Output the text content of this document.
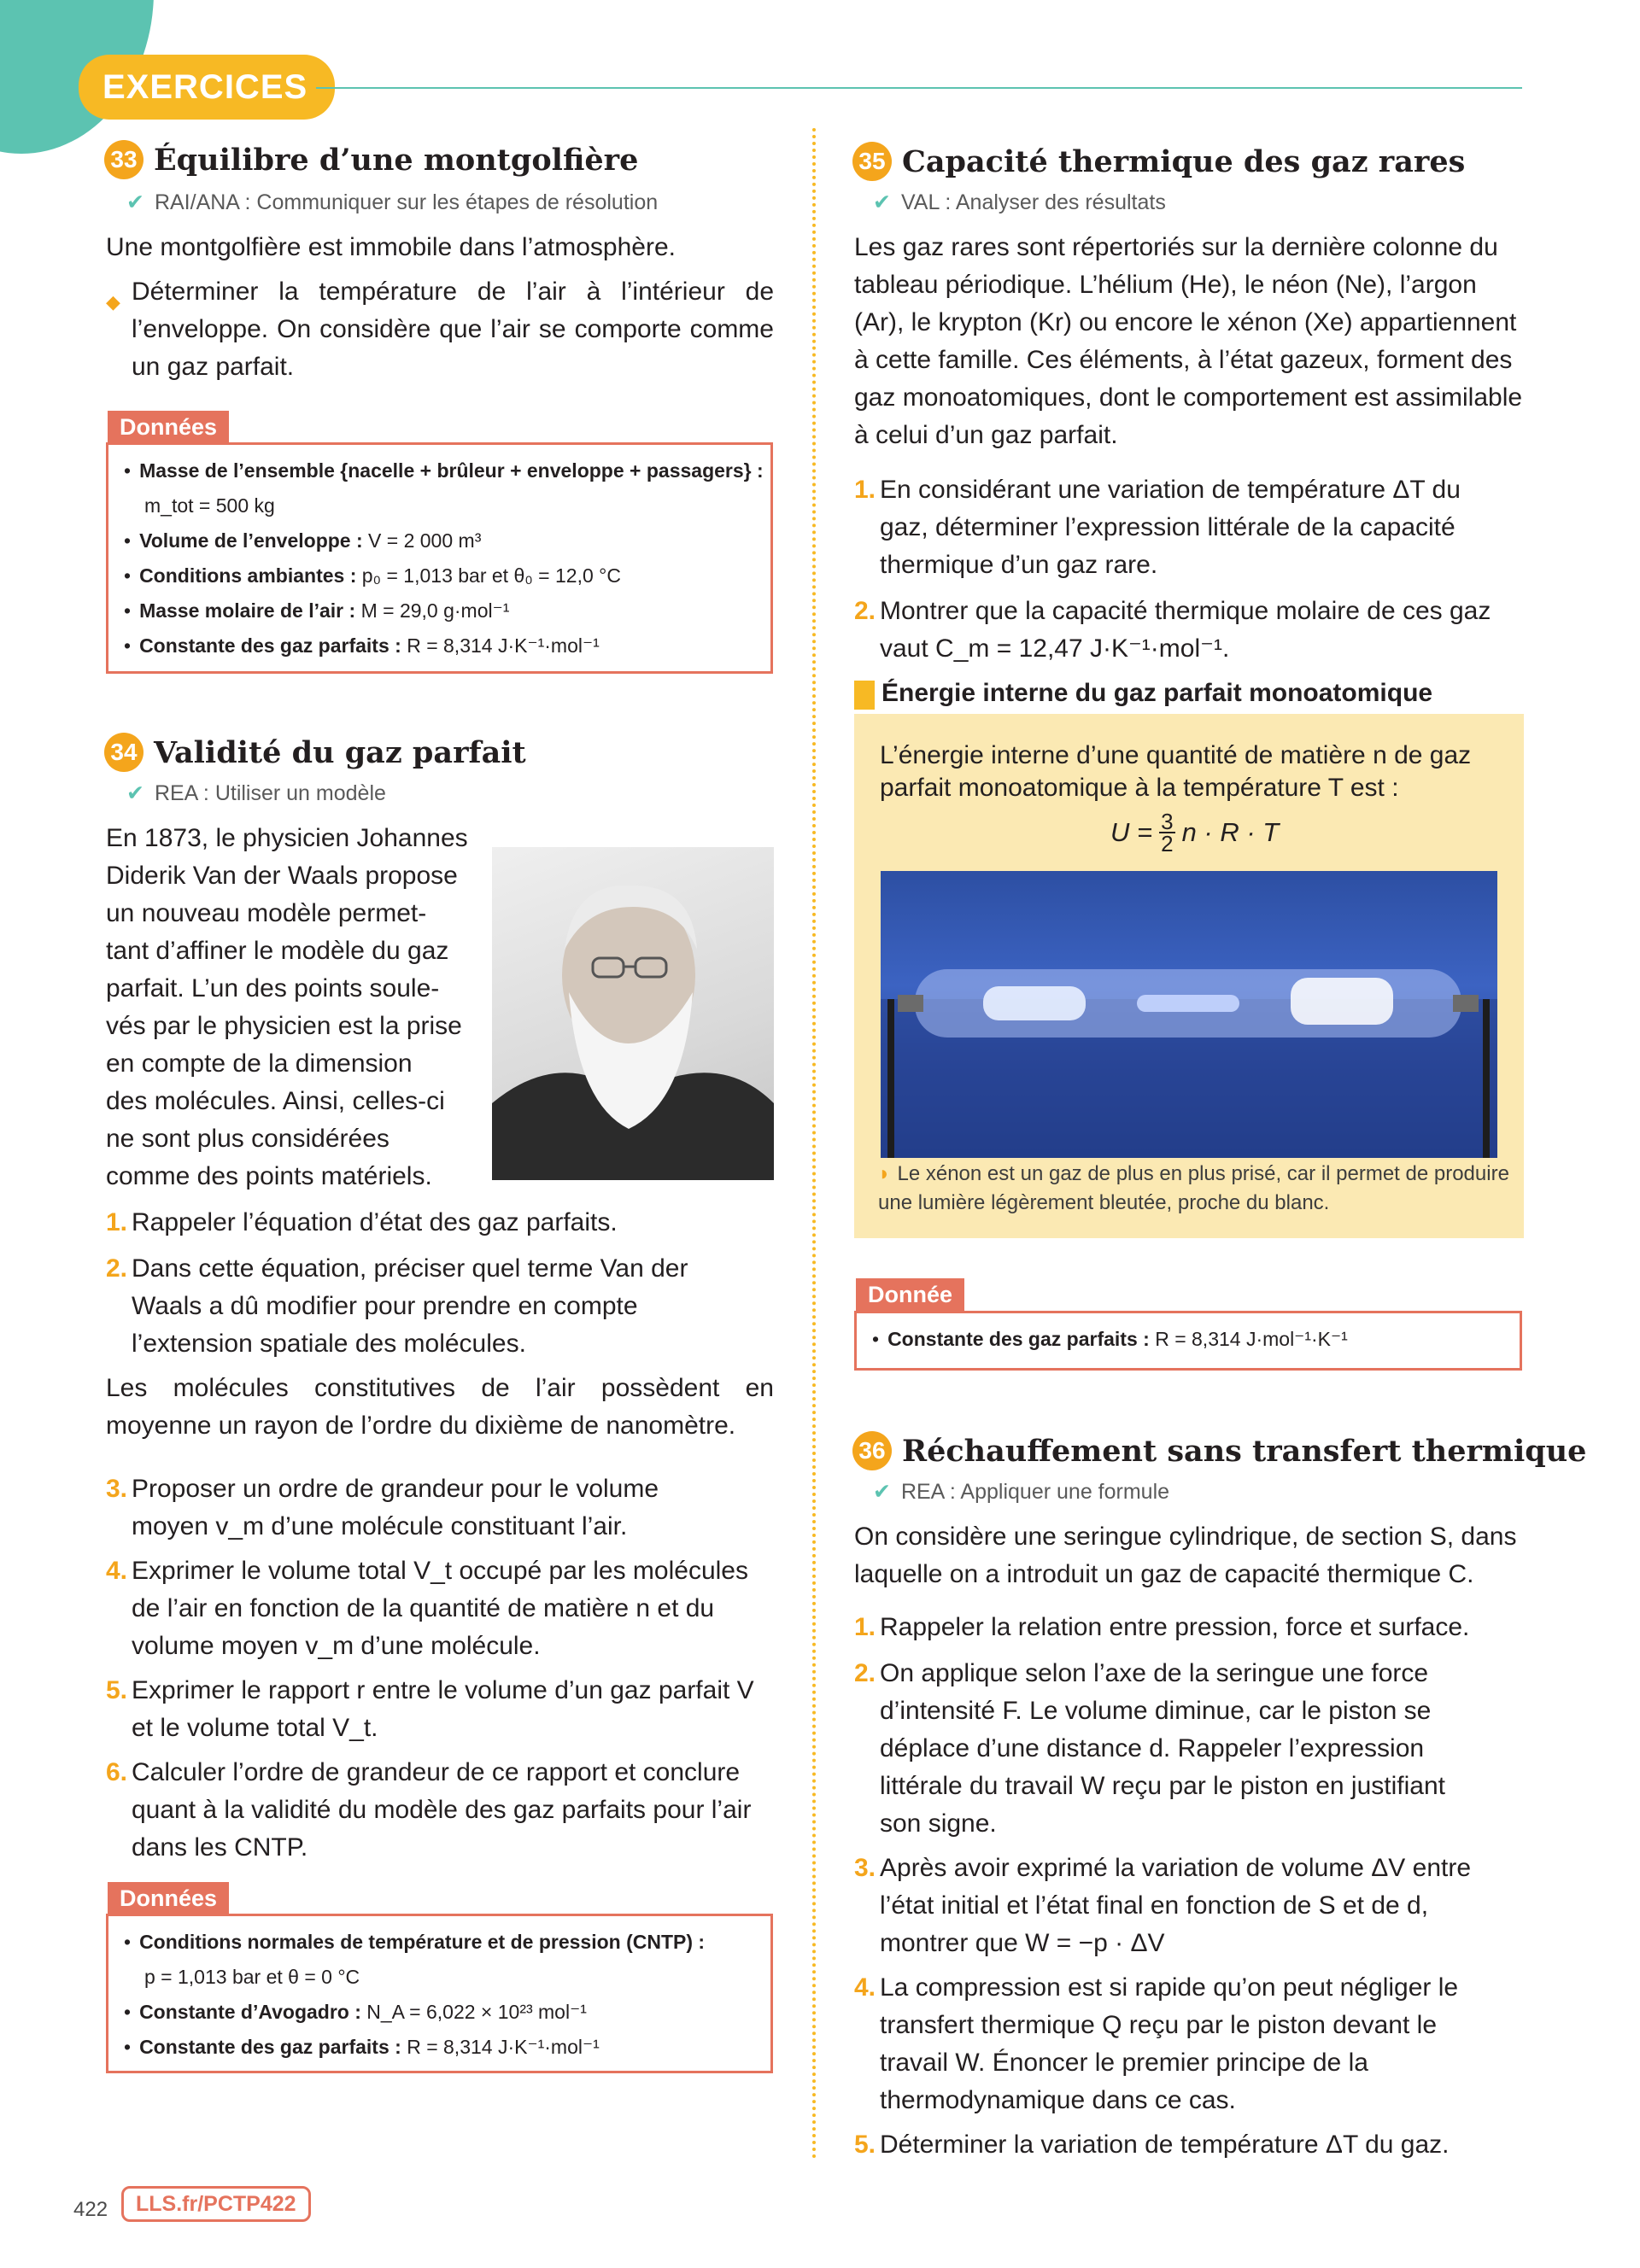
EXERCICES
33 Équilibre d’une montgolfière
✔ RAI/ANA : Communiquer sur les étapes de résolution
Une montgolfière est immobile dans l’atmosphère.
◆ Déterminer la température de l’air à l’intérieur de l’enveloppe. On considère que l’air se comporte comme un gaz parfait.
Données
• Masse de l’ensemble {nacelle + brûleur + enveloppe + passagers} :
m_tot = 500 kg
• Volume de l’enveloppe : V = 2 000 m³
• Conditions ambiantes : p₀ = 1,013 bar et θ₀ = 12,0 °C
• Masse molaire de l’air : M = 29,0 g·mol⁻¹
• Constante des gaz parfaits : R = 8,314 J·K⁻¹·mol⁻¹
34 Validité du gaz parfait
✔ REA : Utiliser un modèle
En 1873, le physicien Johannes
Diderik Van der Waals propose
un nouveau modèle permet-
tant d’affiner le modèle du gaz
parfait. L’un des points soule-
vés par le physicien est la prise
en compte de la dimension
des molécules. Ainsi, celles-ci
ne sont plus considérées
comme des points matériels.
1. Rappeler l’équation d’état des gaz parfaits.
2. Dans cette équation, préciser quel terme Van der Waals a dû modifier pour prendre en compte l’extension spatiale des molécules.
Les molécules constitutives de l’air possèdent en moyenne un rayon de l’ordre du dixième de nanomètre.
3. Proposer un ordre de grandeur pour le volume moyen v_m d’une molécule constituant l’air.
4. Exprimer le volume total V_t occupé par les molécules de l’air en fonction de la quantité de matière n et du volume moyen v_m d’une molécule.
5. Exprimer le rapport r entre le volume d’un gaz parfait V et le volume total V_t.
6. Calculer l’ordre de grandeur de ce rapport et conclure quant à la validité du modèle des gaz parfaits pour l’air dans les CNTP.
Données
• Conditions normales de température et de pression (CNTP) :
p = 1,013 bar et θ = 0 °C
• Constante d’Avogadro : N_A = 6,022 × 10²³ mol⁻¹
• Constante des gaz parfaits : R = 8,314 J·K⁻¹·mol⁻¹
35 Capacité thermique des gaz rares
✔ VAL : Analyser des résultats
Les gaz rares sont répertoriés sur la dernière colonne du tableau périodique. L’hélium (He), le néon (Ne), l’argon (Ar), le krypton (Kr) ou encore le xénon (Xe) appartiennent à cette famille. Ces éléments, à l’état gazeux, forment des gaz monoatomiques, dont le comportement est assimilable à celui d’un gaz parfait.
1. En considérant une variation de température ΔT du gaz, déterminer l’expression littérale de la capacité thermique d’un gaz rare.
2. Montrer que la capacité thermique molaire de ces gaz vaut C_m = 12,47 J·K⁻¹·mol⁻¹.
Énergie interne du gaz parfait monoatomique
L’énergie interne d’une quantité de matière n de gaz parfait monoatomique à la température T est :
$U = \frac{3}{2}$ n · R · T
◗ Le xénon est un gaz de plus en plus prisé, car il permet de produire une lumière légèrement bleutée, proche du blanc.
Donnée
• Constante des gaz parfaits : R = 8,314 J·mol⁻¹·K⁻¹
36 Réchauffement sans transfert thermique
✔ REA : Appliquer une formule
On considère une seringue cylindrique, de section S, dans laquelle on a introduit un gaz de capacité thermique C.
1. Rappeler la relation entre pression, force et surface.
2. On applique selon l’axe de la seringue une force d’intensité F. Le volume diminue, car le piston se déplace d’une distance d. Rappeler l’expression littérale du travail W reçu par le piston en justifiant son signe.
3. Après avoir exprimé la variation de volume ΔV entre l’état initial et l’état final en fonction de S et de d, montrer que W = −p · ΔV
4. La compression est si rapide qu’on peut négliger le transfert thermique Q reçu par le piston devant le travail W. Énoncer le premier principe de la thermodynamique dans ce cas.
5. Déterminer la variation de température ΔT du gaz.
422	LLS.fr/PCTP422
